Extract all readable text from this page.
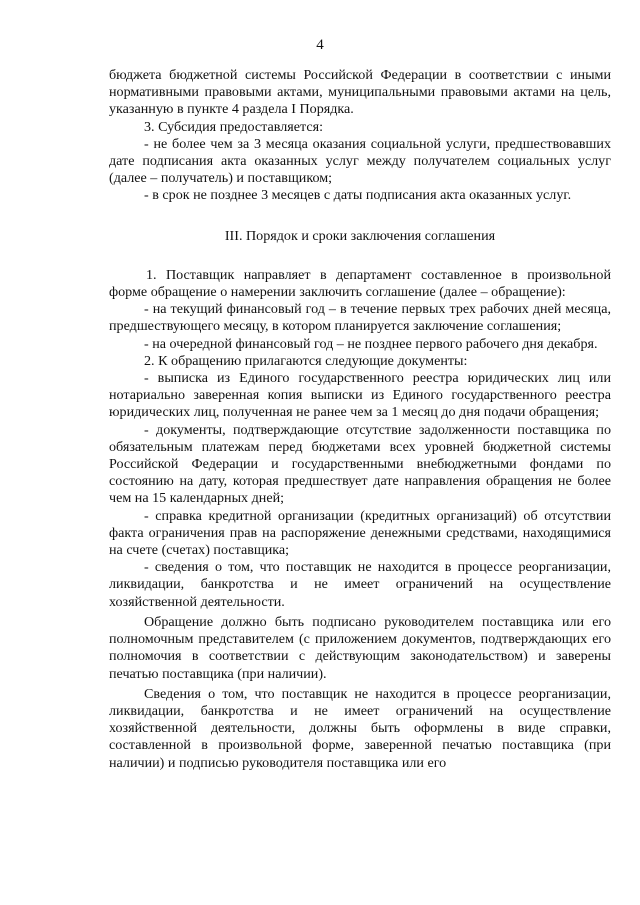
4

бюджета бюджетной системы Российской Федерации в соответствии с иными нормативными правовыми актами, муниципальными правовыми актами на цель, указанную в пункте 4 раздела I Порядка.

3. Субсидия предоставляется:

- не более чем за 3 месяца оказания социальной услуги, предшествовавших дате подписания акта оказанных услуг между получателем социальных услуг (далее – получатель) и поставщиком;

- в срок не позднее 3 месяцев с даты подписания акта оказанных услуг.

III. Порядок и сроки заключения соглашения

1. Поставщик направляет в департамент составленное в произвольной форме обращение о намерении заключить соглашение (далее – обращение):

- на текущий финансовый год – в течение первых трех рабочих дней месяца, предшествующего месяцу, в котором планируется заключение соглашения;

- на очередной финансовый год – не позднее первого рабочего дня декабря.

2. К обращению прилагаются следующие документы:

- выписка из Единого государственного реестра юридических лиц или нотариально заверенная копия выписки из Единого государственного реестра юридических лиц, полученная не ранее чем за 1 месяц до дня подачи обращения;

- документы, подтверждающие отсутствие задолженности поставщика по обязательным платежам перед бюджетами всех уровней бюджетной системы Российской Федерации и государственными внебюджетными фондами по состоянию на дату, которая предшествует дате направления обращения не более чем на 15 календарных дней;

- справка кредитной организации (кредитных организаций) об отсутствии факта ограничения прав на распоряжение денежными средствами, находящимися на счете (счетах) поставщика;

- сведения о том, что поставщик не находится в процессе реорганизации, ликвидации, банкротства и не имеет ограничений на осуществление хозяйственной деятельности.

Обращение должно быть подписано руководителем поставщика или его полномочным представителем (с приложением документов, подтверждающих его полномочия в соответствии с действующим законодательством) и заверены печатью поставщика (при наличии).

Сведения о том, что поставщик не находится в процессе реорганизации, ликвидации, банкротства и не имеет ограничений на осуществление хозяйственной деятельности, должны быть оформлены в виде справки, составленной в произвольной форме, заверенной печатью поставщика (при наличии) и подписью руководителя поставщика или его
